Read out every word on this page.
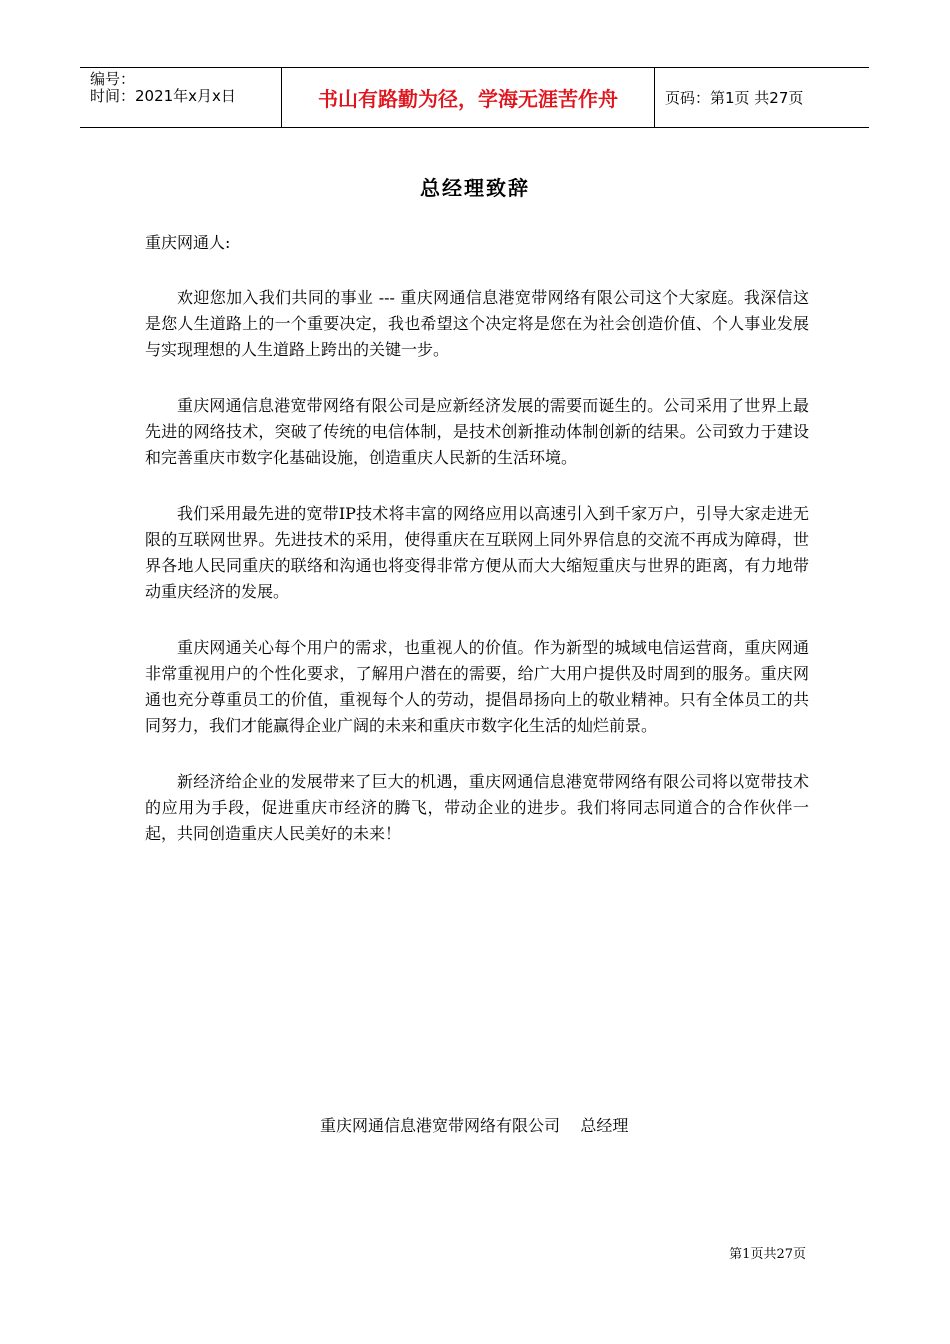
编号：
时间：2021年x月x日	书山有路勤为径，学海无涯苦作舟	页码：第1页 共27页
总经理致辞
重庆网通人:

欢迎您加入我们共同的事业 --- 重庆网通信息港宽带网络有限公司这个大家庭。我深信这是您人生道路上的一个重要决定，我也希望这个决定将是您在为社会创造价值、个人事业发展与实现理想的人生道路上跨出的关键一步。

重庆网通信息港宽带网络有限公司是应新经济发展的需要而诞生的。公司采用了世界上最先进的网络技术，突破了传统的电信体制，是技术创新推动体制创新的结果。公司致力于建设和完善重庆市数字化基础设施，创造重庆人民新的生活环境。

我们采用最先进的宽带IP技术将丰富的网络应用以高速引入到千家万户，引导大家走进无限的互联网世界。先进技术的采用，使得重庆在互联网上同外界信息的交流不再成为障碍，世界各地人民同重庆的联络和沟通也将变得非常方便从而大大缩短重庆与世界的距离，有力地带动重庆经济的发展。

重庆网通关心每个用户的需求，也重视人的价值。作为新型的城域电信运营商，重庆网通非常重视用户的个性化要求，了解用户潜在的需要，给广大用户提供及时周到的服务。重庆网通也充分尊重员工的价值，重视每个人的劳动，提倡昂扬向上的敬业精神。只有全体员工的共同努力，我们才能赢得企业广阔的未来和重庆市数字化生活的灿烂前景。

新经济给企业的发展带来了巨大的机遇，重庆网通信息港宽带网络有限公司将以宽带技术的应用为手段，促进重庆市经济的腾飞，带动企业的进步。我们将同志同道合的合作伙伴一起，共同创造重庆人民美好的未来！

重庆网通信息港宽带网络有限公司    总经理
第1页共27页
